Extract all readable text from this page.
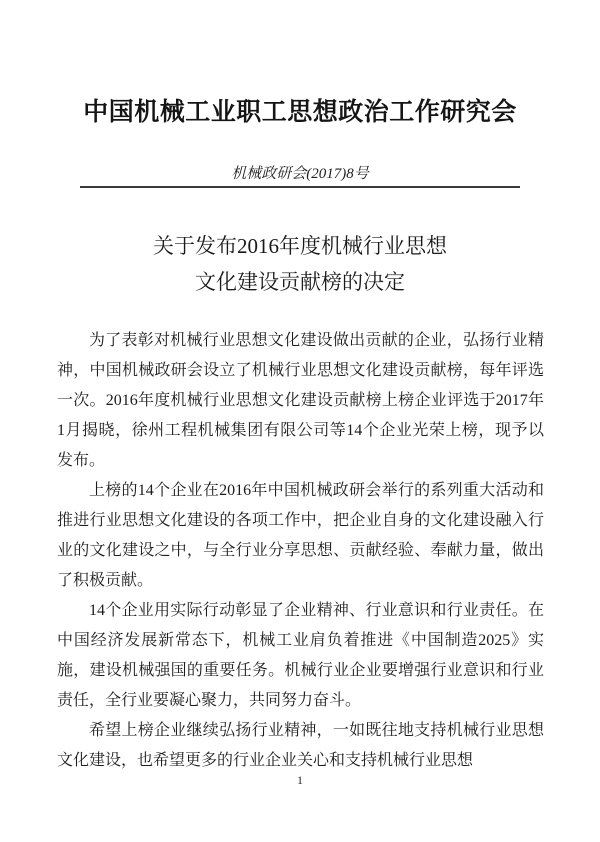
中国机械工业职工思想政治工作研究会
机械政研会(2017)8号
关于发布2016年度机械行业思想
文化建设贡献榜的决定

为了表彰对机械行业思想文化建设做出贡献的企业，弘扬行业精神，中国机械政研会设立了机械行业思想文化建设贡献榜，每年评选一次。2016年度机械行业思想文化建设贡献榜上榜企业评选于2017年1月揭晓，徐州工程机械集团有限公司等14个企业光荣上榜，现予以发布。

上榜的14个企业在2016年中国机械政研会举行的系列重大活动和推进行业思想文化建设的各项工作中，把企业自身的文化建设融入行业的文化建设之中，与全行业分享思想、贡献经验、奉献力量，做出了积极贡献。

14个企业用实际行动彰显了企业精神、行业意识和行业责任。在中国经济发展新常态下，机械工业肩负着推进《中国制造2025》实施，建设机械强国的重要任务。机械行业企业要增强行业意识和行业责任，全行业要凝心聚力，共同努力奋斗。

希望上榜企业继续弘扬行业精神，一如既往地支持机械行业思想文化建设，也希望更多的行业企业关心和支持机械行业思想

1
